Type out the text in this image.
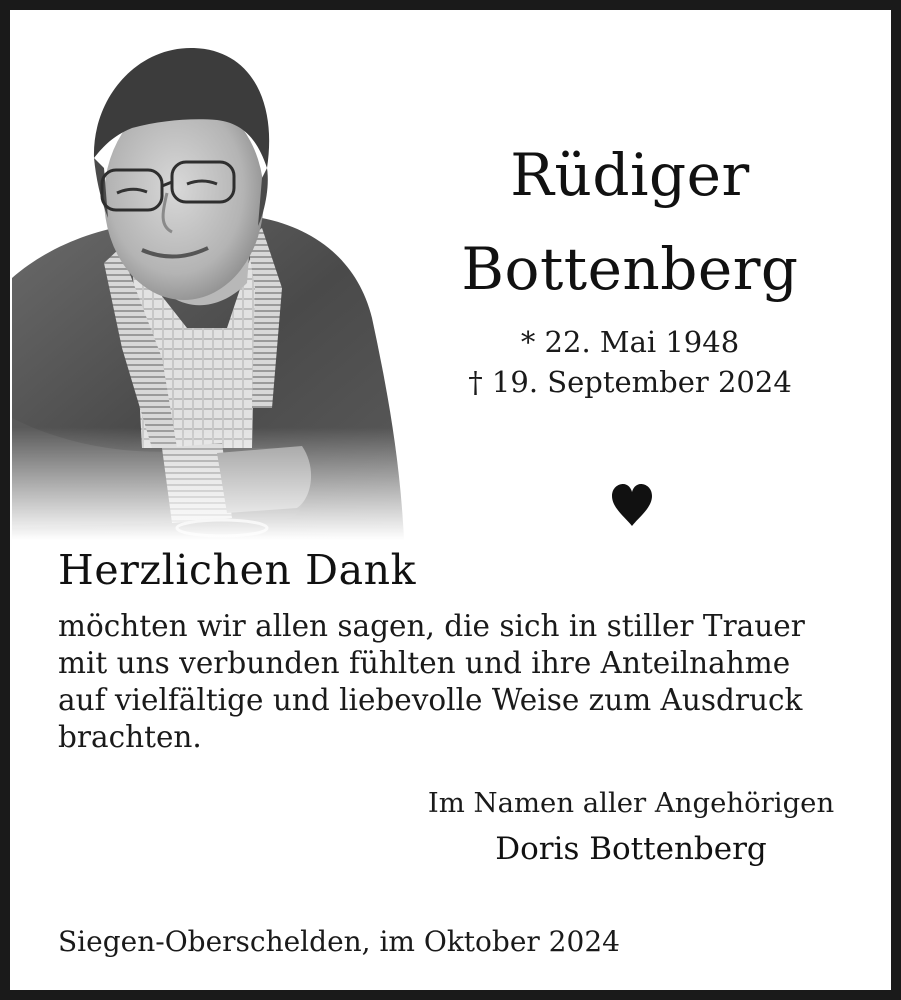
Rüdiger
Bottenberg
* 22. Mai 1948
† 19. September 2024
Herzlichen Dank
möchten wir allen sagen, die sich in stiller Trauer
mit uns verbunden fühlten und ihre Anteilnahme
auf vielfältige und liebevolle Weise zum Ausdruck
brachten.
Im Namen aller Angehörigen
Doris Bottenberg
Siegen-Oberschelden, im Oktober 2024
